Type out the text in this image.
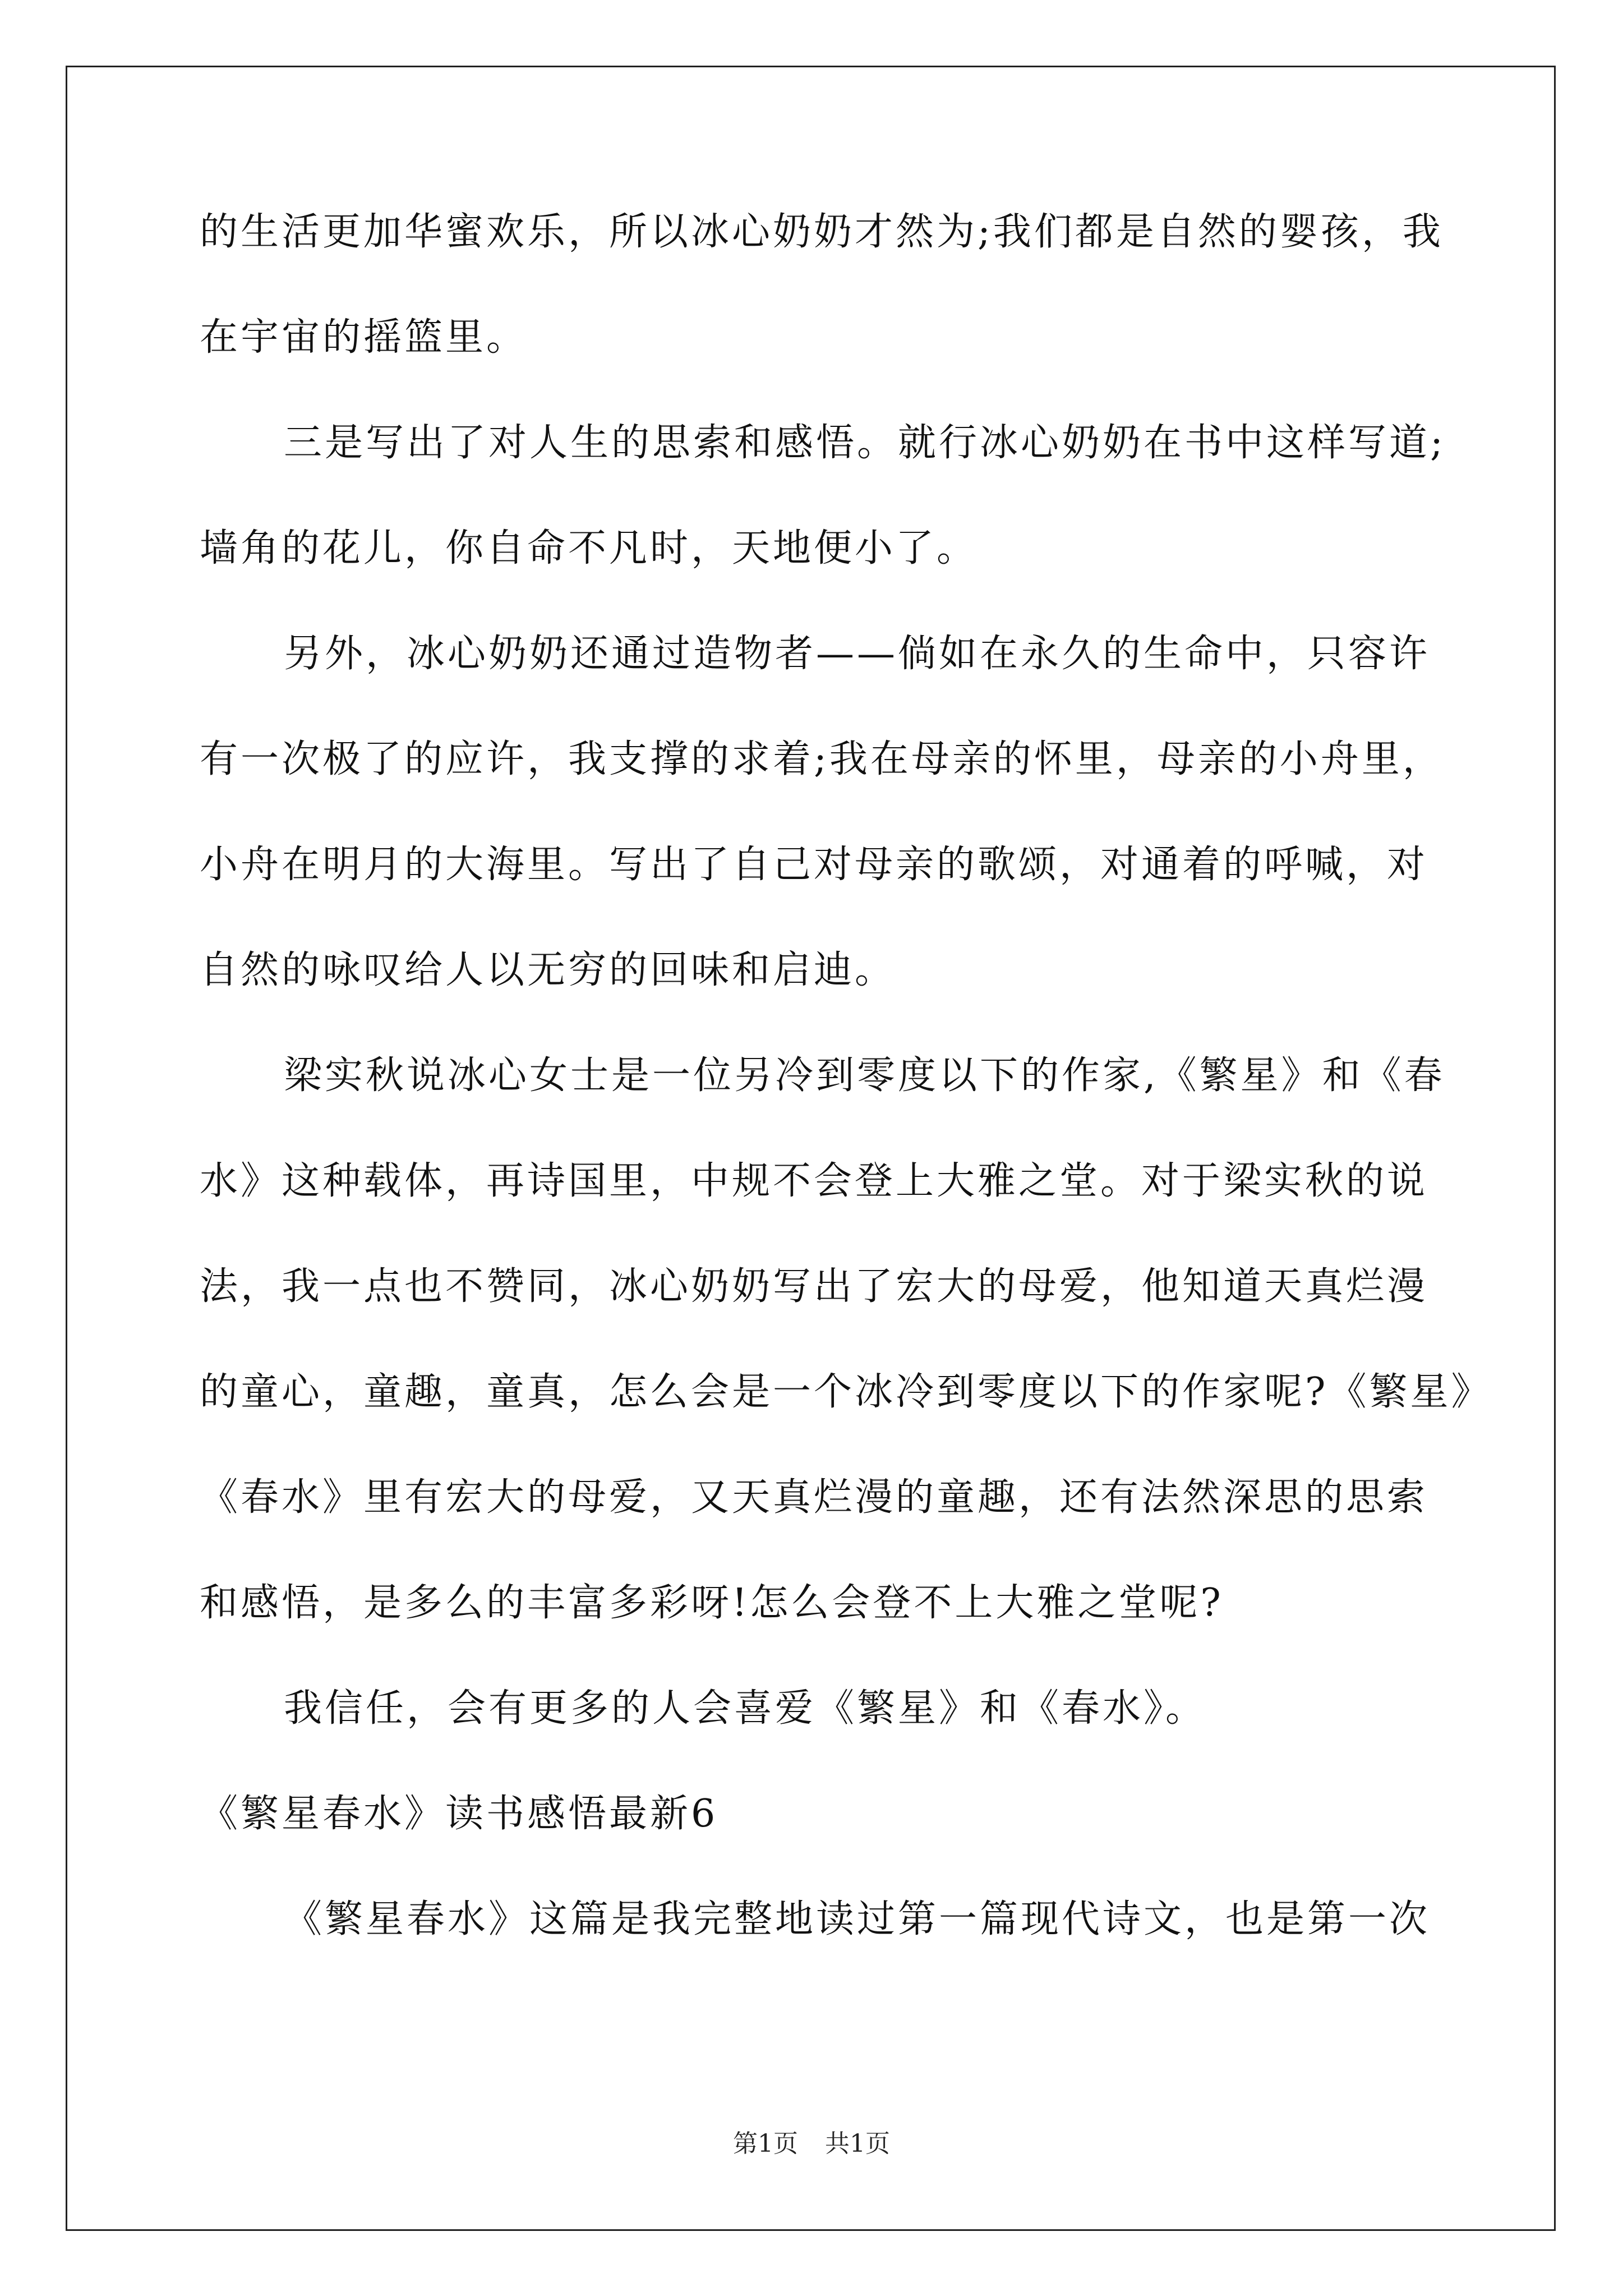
的生活更加华蜜欢乐，所以冰心奶奶才然为;我们都是自然的婴孩，我
在宇宙的摇篮里。
三是写出了对人生的思索和感悟。就行冰心奶奶在书中这样写道;
墙角的花儿，你自命不凡时，天地便小了。
另外，冰心奶奶还通过造物者——倘如在永久的生命中，只容许
有一次极了的应许，我支撑的求着;我在母亲的怀里，母亲的小舟里，
小舟在明月的大海里。写出了自己对母亲的歌颂，对通着的呼喊，对
自然的咏叹给人以无穷的回味和启迪。
梁实秋说冰心女士是一位另冷到零度以下的作家,《繁星》和《春
水》这种载体，再诗国里，中规不会登上大雅之堂。对于梁实秋的说
法，我一点也不赞同，冰心奶奶写出了宏大的母爱，他知道天真烂漫
的童心，童趣，童真，怎么会是一个冰冷到零度以下的作家呢?《繁星》
《春水》里有宏大的母爱，又天真烂漫的童趣，还有法然深思的思索
和感悟，是多么的丰富多彩呀!怎么会登不上大雅之堂呢?
我信任，会有更多的人会喜爱《繁星》和《春水》。
《繁星春水》读书感悟最新6
《繁星春水》这篇是我完整地读过第一篇现代诗文，也是第一次
第1页 共1页
